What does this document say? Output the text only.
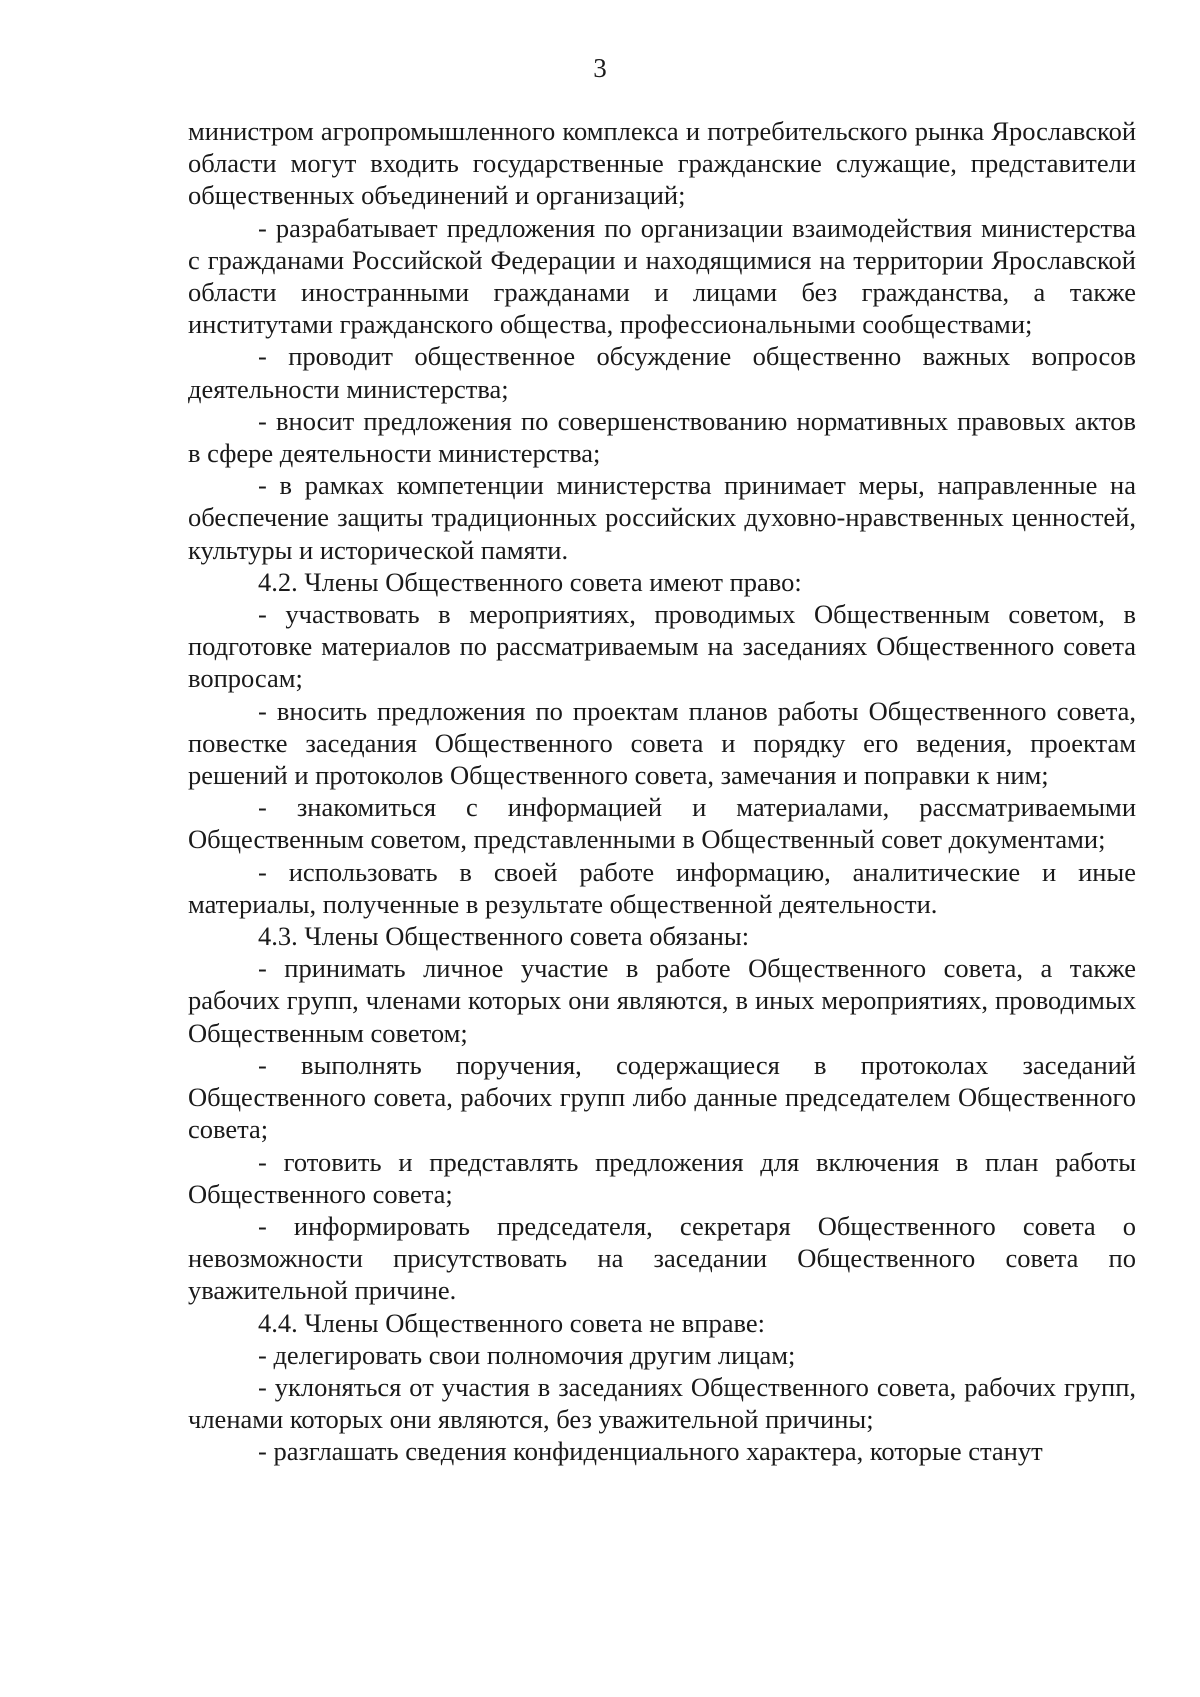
3

министром агропромышленного комплекса и потребительского рынка Ярославской области могут входить государственные гражданские служащие, представители общественных объединений и организаций;

- разрабатывает предложения по организации взаимодействия министерства с гражданами Российской Федерации и находящимися на территории Ярославской области иностранными гражданами и лицами без гражданства, а также институтами гражданского общества, профессиональными сообществами;

- проводит общественное обсуждение общественно важных вопросов деятельности министерства;

- вносит предложения по совершенствованию нормативных правовых актов в сфере деятельности министерства;

- в рамках компетенции министерства принимает меры, направленные на обеспечение защиты традиционных российских духовно-нравственных ценностей, культуры и исторической памяти.

4.2. Члены Общественного совета имеют право:

- участвовать в мероприятиях, проводимых Общественным советом, в подготовке материалов по рассматриваемым на заседаниях Общественного совета вопросам;

- вносить предложения по проектам планов работы Общественного совета, повестке заседания Общественного совета и порядку его ведения, проектам решений и протоколов Общественного совета, замечания и поправки к ним;

- знакомиться с информацией и материалами, рассматриваемыми Общественным советом, представленными в Общественный совет документами;

- использовать в своей работе информацию, аналитические и иные материалы, полученные в результате общественной деятельности.

4.3. Члены Общественного совета обязаны:

- принимать личное участие в работе Общественного совета, а также рабочих групп, членами которых они являются, в иных мероприятиях, проводимых Общественным советом;

- выполнять поручения, содержащиеся в протоколах заседаний Общественного совета, рабочих групп либо данные председателем Общественного совета;

- готовить и представлять предложения для включения в план работы Общественного совета;

- информировать председателя, секретаря Общественного совета о невозможности присутствовать на заседании Общественного совета по уважительной причине.

4.4. Члены Общественного совета не вправе:

- делегировать свои полномочия другим лицам;

- уклоняться от участия в заседаниях Общественного совета, рабочих групп, членами которых они являются, без уважительной причины;

- разглашать сведения конфиденциального характера, которые станут
